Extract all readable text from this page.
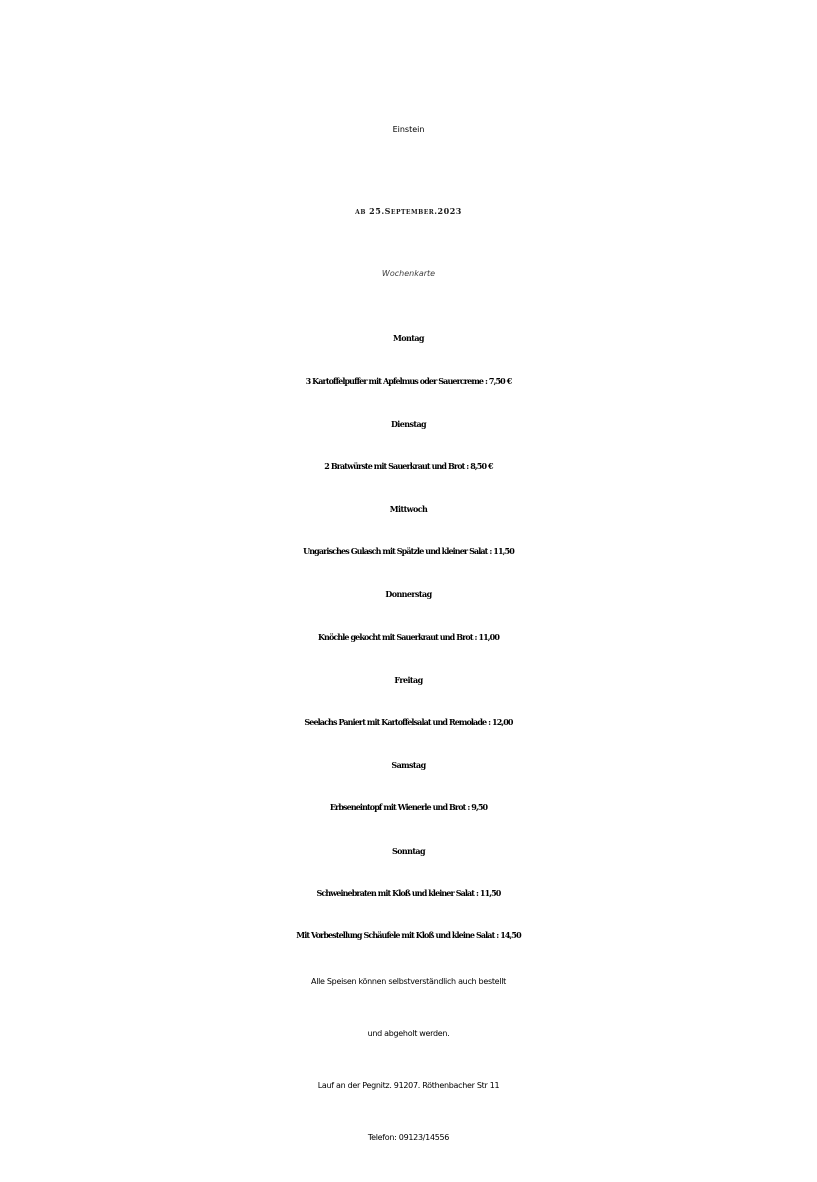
Einstein
ab 25.September.2023
Wochenkarte
Montag
3 Kartoffelpuffer mit Apfelmus oder Sauercreme : 7,50 €
Dienstag
2 Bratwürste mit Sauerkraut und Brot : 8,50 €
Mittwoch
Ungarisches Gulasch mit Spätzle und kleiner Salat : 11,50
Donnerstag
Knöchle gekocht mit Sauerkraut und Brot : 11,00
Freitag
Seelachs Paniert mit Kartoffelsalat und Remolade : 12,00
Samstag
Erbseneintopf mit Wienerle und Brot : 9,50
Sonntag
Schweinebraten mit Kloß und kleiner Salat : 11,50
Mit Vorbestellung Schäufele mit Kloß und kleine Salat : 14,50
Alle Speisen können selbstverständlich auch bestellt
und abgeholt werden.
Lauf an der Pegnitz. 91207. Röthenbacher Str 11
Telefon: 09123/14556
